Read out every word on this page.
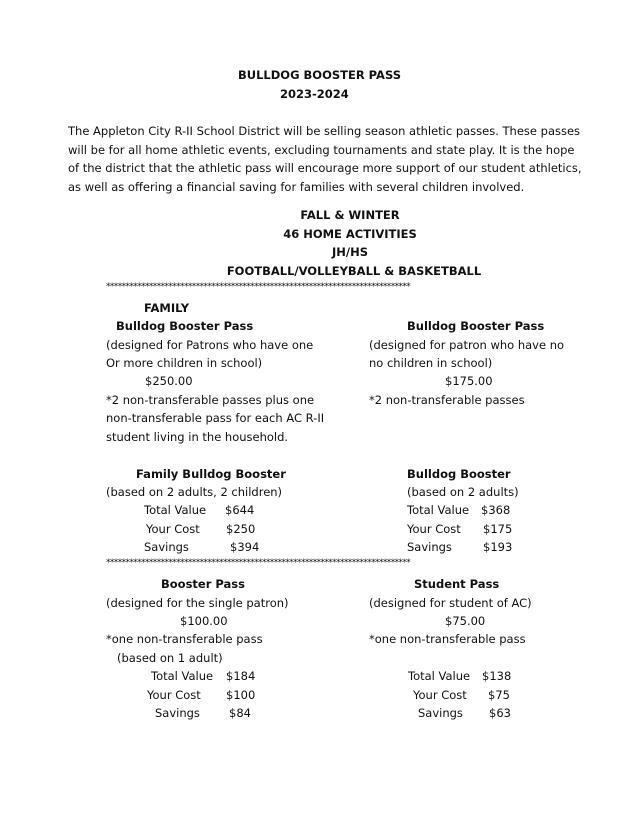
BULLDOG BOOSTER PASS
2023-2024
The Appleton City R-II School District will be selling season athletic passes. These passes
will be for all home athletic events, excluding tournaments and state play. It is the hope
of the district that the athletic pass will encourage more support of our student athletics,
as well as offering a financial saving for families with several children involved.
FALL & WINTER
46 HOME ACTIVITIES
JH/HS
FOOTBALL/VOLLEYBALL & BASKETBALL
******************************************************************************
FAMILY
Bulldog Booster Pass
(designed for Patrons who have one
Or more children in school)
$250.00
*2 non-transferable passes plus one
non-transferable pass for each AC R-II
student living in the household.
Bulldog Booster Pass
(designed for patron who have no
no children in school)
$175.00
*2 non-transferable passes
Family Bulldog Booster
(based on 2 adults, 2 children)
Total Value $644
Your Cost $250
Savings	$394
Bulldog Booster
(based on 2 adults)
Total Value $368
Your Cost $175
Savings	$193
******************************************************************************
Booster Pass
(designed for the single patron)
$100.00
*one non-transferable pass
(based on 1 adult)
Total Value $184
Your Cost $100
Savings	$84
Student Pass
(designed for student of AC)
$75.00
*one non-transferable pass
Total Value $138
Your Cost $75
Savings $63
